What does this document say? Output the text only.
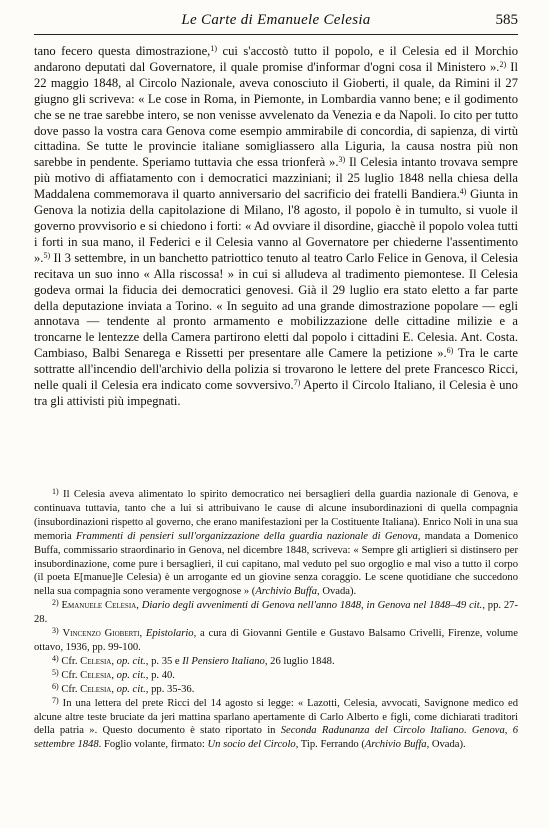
Le Carte di Emanuele Celesia	585

tano fecero questa dimostrazione,$^{1)}$ cui s'accostò tutto il popolo, e il Celesia ed il Morchio andarono deputati dal Governatore, il quale promise d'informar d'ogni cosa il Ministero ».$^{2)}$ Il 22 maggio 1848, al Circolo Nazionale, aveva conosciuto il Gioberti, il quale, da Rimini il 27 giugno gli scriveva: « Le cose in Roma, in Piemonte, in Lombardia vanno bene; e il godimento che se ne trae sarebbe intero, se non venisse avvelenato da Venezia e da Napoli. Io cito per tutto dove passo la vostra cara Genova come esempio ammirabile di concordia, di sapienza, di virtù cittadina. Se tutte le provincie italiane somigliassero alla Liguria, la causa nostra più non sarebbe in pendente. Speriamo tuttavia che essa trionferà ».$^{3)}$ Il Celesia intanto trovava sempre più motivo di affiatamento con i democratici mazziniani; il 25 luglio 1848 nella chiesa della Maddalena commemorava il quarto anniversario del sacrificio dei fratelli Bandiera.$^{4)}$ Giunta in Genova la notizia della capitolazione di Milano, l'8 agosto, il popolo è in tumulto, si vuole il governo provvisorio e si chiedono i forti: « Ad ovviare il disordine, giacchè il popolo volea tutti i forti in sua mano, il Federici e il Celesia vanno al Governatore per chiederne l'assentimento ».$^{5)}$ Il 3 settembre, in un banchetto patriottico tenuto al teatro Carlo Felice in Genova, il Celesia recitava un suo inno « Alla riscossa! » in cui si alludeva al tradimento piemontese. Il Celesia godeva ormai la fiducia dei democratici genovesi. Già il 29 luglio era stato eletto a far parte della deputazione inviata a Torino. « In seguito ad una grande dimostrazione popolare — egli annotava — tendente al pronto armamento e mobilizzazione delle cittadine milizie e a troncarne le lentezze della Camera partirono eletti dal popolo i cittadini E. Celesia. Ant. Costa. Cambiaso, Balbi Senarega e Rissetti per presentare alle Camere la petizione ».$^{6)}$ Tra le carte sottratte all'incendio dell'archivio della polizia si trovarono le lettere del prete Francesco Ricci, nelle quali il Celesia era indicato come sovversivo.$^{7)}$ Aperto il Circolo Italiano, il Celesia è uno tra gli attivisti più impegnati.

$^{1)}$ Il Celesia aveva alimentato lo spirito democratico nei bersaglieri della guardia nazionale di Genova, e continuava tuttavia, tanto che a lui si attribuivano le cause di alcune insubordinazioni di quella compagnia (insubordinazioni rispetto al governo, che erano manifestazioni per la Costituente Italiana). Enrico Noli in una sua memoria Frammenti di pensieri sull'organizzazione della guardia nazionale di Genova, mandata a Domenico Buffa, commissario straordinario in Genova, nel dicembre 1848, scriveva: « Sempre gli artiglieri si distinsero per insubordinazione, come pure i bersaglieri, il cui capitano, mal veduto pel suo orgoglio e mal viso a tutto il corpo (il poeta E[manue]le Celesia) è un arrogante ed un giovine senza coraggio. Le scene quotidiane che succedono nella sua compagnia sono veramente vergognose » (Archivio Buffa, Ovada).

$^{2)}$ Emanuele Celesia, Diario degli avvenimenti di Genova nell'anno 1848, in Genova nel 1848–49 cit., pp. 27-28.

$^{3)}$ Vincenzo Gioberti, Epistolario, a cura di Giovanni Gentile e Gustavo Balsamo Crivelli, Firenze, volume ottavo, 1936, pp. 99-100.

$^{4)}$ Cfr. Celesia, op. cit., p. 35 e Il Pensiero Italiano, 26 luglio 1848.

$^{5)}$ Cfr. Celesia, op. cit., p. 40.

$^{6)}$ Cfr. Celesia, op. cit., pp. 35-36.

$^{7)}$ In una lettera del prete Ricci del 14 agosto si legge: « Lazotti, Celesia, avvocati, Savignone medico ed alcune altre teste bruciate da jeri mattina sparlano apertamente di Carlo Alberto e figli, come dichiarati traditori della patria ». Questo documento è stato riportato in Seconda Radunanza del Circolo Italiano. Genova, 6 settembre 1848. Foglio volante, firmato: Un socio del Circolo, Tip. Ferrando (Archivio Buffa, Ovada).
